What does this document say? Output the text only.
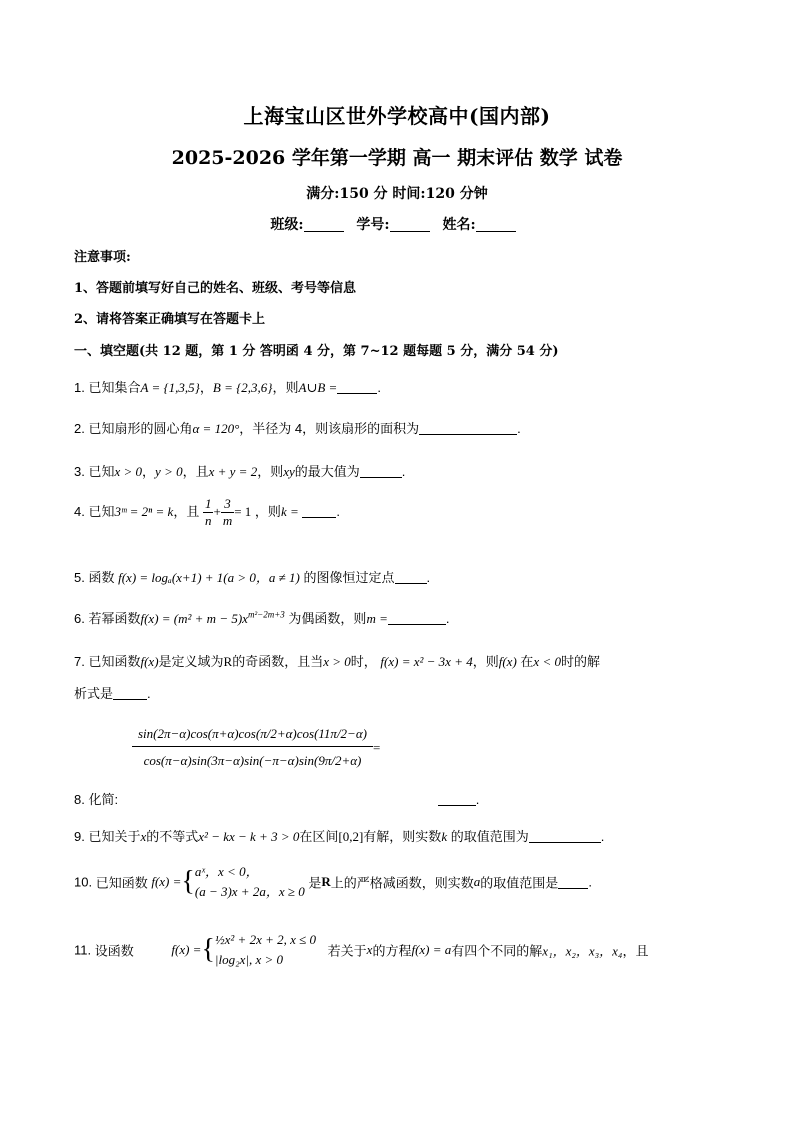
上海宝山区世外学校高中(国内部)
2025-2026 学年第一学期 高一 期末评估 数学 试卷
满分:150 分 时间:120 分钟
班级:	学号:	姓名:
注意事项:
1、答题前填写好自己的姓名、班级、考号等信息
2、请将答案正确填写在答题卡上
一、填空题(共 12 题，第 1 分 答明函 4 分，第 7~12 题每题 5 分，满分 54 分)
1. 已知集合A = {1,3,5}，B = {2,3,6}，则A∪B =	.
2. 已知扇形的圆心角α = 120°，半径为 4，则该扇形的面积为	.
3. 已知x > 0，y > 0，且x + y = 2，则xy的最大值为	.
4. 已知3ᵐ = 2ⁿ = k，且 $\frac{1}{n} + \frac{3}{m} = 1$ ，则k =	.
5. 函数 f(x) = logₐ(x+1) + 1(a > 0，a ≠ 1) 的图像恒过定点 .
6. 若幂函数$f(x) = (m^2 + m - 5)x^{m^2-2m+3}$ 为偶函数，则m =	.
7. 已知函数f(x)是定义域为R的奇函数，且当x > 0时， f(x) = x² − 3x + 4，则f(x) 在x < 0时的解
析式是	.
$\frac{\sin(2\pi-\alpha)\cos(\pi+\alpha)\cos(\pi/2+\alpha)\cos(11\pi/2-\alpha)}{\cos(\pi-\alpha)\sin(3\pi-\alpha)\sin(-\pi-\alpha)\sin(9\pi/2+\alpha)}$ =
8. 化简:	.
9. 已知关于x的不等式x² − kx − k + 3 > 0在区间[0,2]有解，则实数k 的取值范围为	.
10. 已知函数 f(x) ={ aˣ，x < 0，
(a − 3)x + 2a，x ≥ 0
是R上的严格减函数，则实数a的取值范围是 .
11. 设函数	f(x) ={ ½x² + 2x + 2, x ≤ 0
|log₂x|, x > 0
若关于x的方程f(x) = a有四个不同的解x₁，x₂，x₃，x₄，且
